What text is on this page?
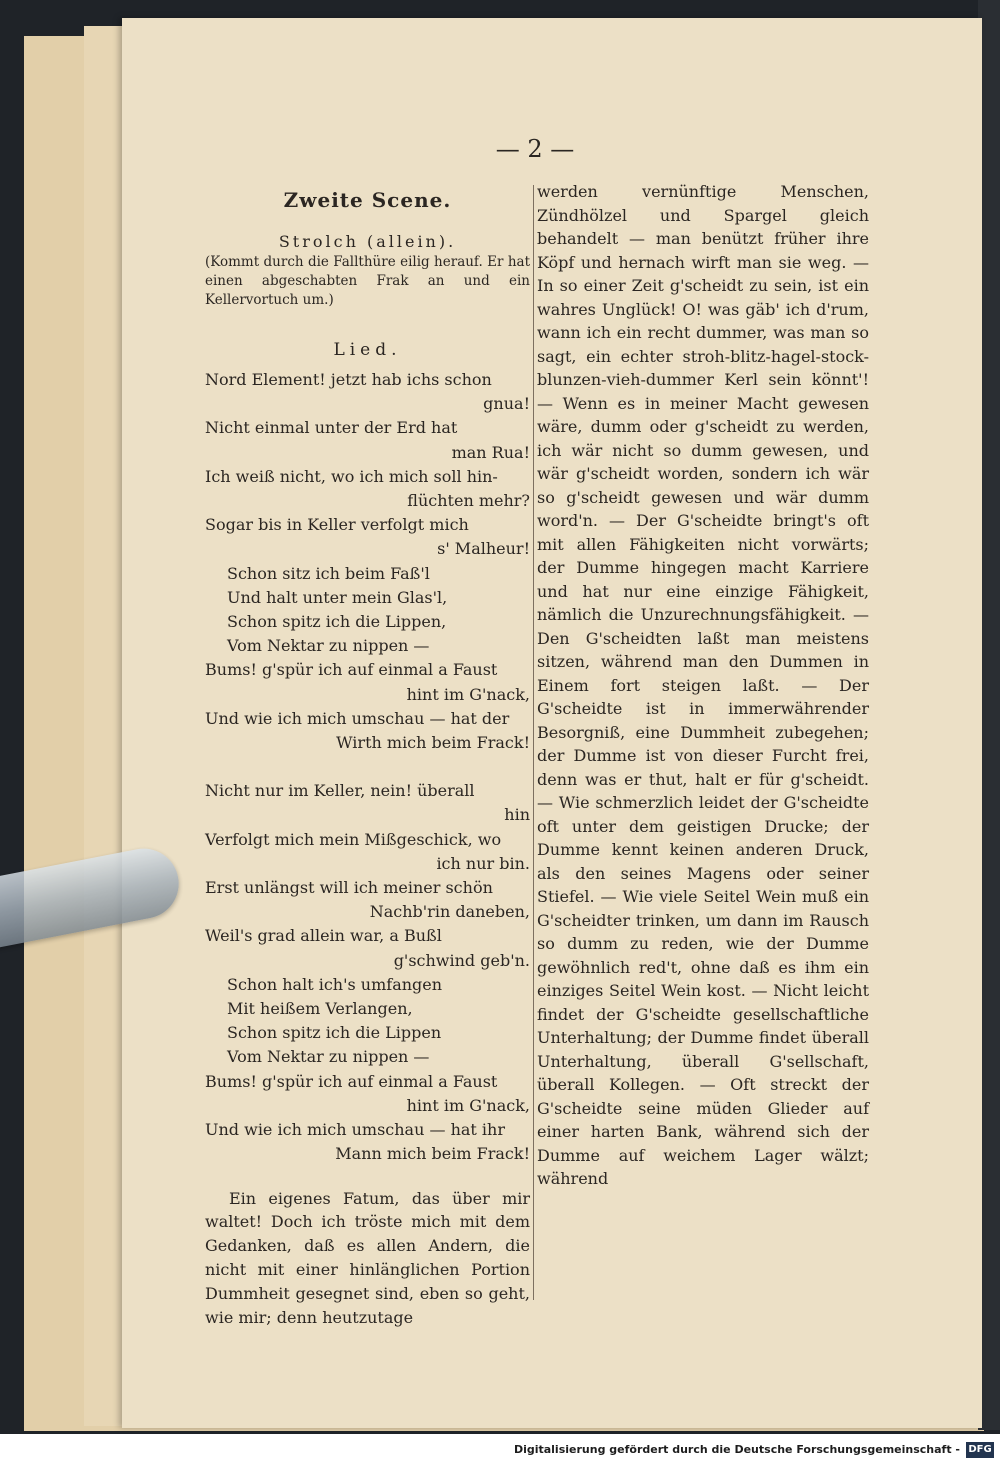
— 2 —
Zweite Scene.
Strolch (allein).
(Kommt durch die Fallthüre eilig herauf. Er hat einen abgeschabten Frak an und ein Kellervortuch um.)
Lied.
Nord Element! jetzt hab ichs schon
gnua!
Nicht einmal unter der Erd hat
man Rua!
Ich weiß nicht, wo ich mich soll hin-
flüchten mehr?
Sogar bis in Keller verfolgt mich
s' Malheur!
Schon sitz ich beim Faß'l
Und halt unter mein Glas'l,
Schon spitz ich die Lippen,
Vom Nektar zu nippen —
Bums! g'spür ich auf einmal a Faust
hint im G'nack,
Und wie ich mich umschau — hat der
Wirth mich beim Frack!
Nicht nur im Keller, nein! überall
hin
Verfolgt mich mein Mißgeschick, wo
ich nur bin.
Erst unlängst will ich meiner schön
Nachb'rin daneben,
Weil's grad allein war, a Bußl
g'schwind geb'n.
Schon halt ich's umfangen
Mit heißem Verlangen,
Schon spitz ich die Lippen
Vom Nektar zu nippen —
Bums! g'spür ich auf einmal a Faust
hint im G'nack,
Und wie ich mich umschau — hat ihr
Mann mich beim Frack!
Ein eigenes Fatum, das über mir waltet! Doch ich tröste mich mit dem Gedanken, daß es allen Andern, die nicht mit einer hinlänglichen Portion Dummheit gesegnet sind, eben so geht, wie mir; denn heutzutage
werden vernünftige Menschen, Zündhölzel und Spargel gleich behandelt — man benützt früher ihre Köpf und hernach wirft man sie weg. — In so einer Zeit g'scheidt zu sein, ist ein wahres Unglück! O! was gäb' ich d'rum, wann ich ein recht dummer, was man so sagt, ein echter stroh-blitz-hagel-stock-blunzen-vieh-dummer Kerl sein könnt'! — Wenn es in meiner Macht gewesen wäre, dumm oder g'scheidt zu werden, ich wär nicht so dumm gewesen, und wär g'scheidt worden, sondern ich wär so g'scheidt gewesen und wär dumm word'n. — Der G'scheidte bringt's oft mit allen Fähigkeiten nicht vorwärts; der Dumme hingegen macht Karriere und hat nur eine einzige Fähigkeit, nämlich die Unzurechnungsfähigkeit. — Den G'scheidten laßt man meistens sitzen, während man den Dummen in Einem fort steigen laßt. — Der G'scheidte ist in immerwährender Besorgniß, eine Dummheit zubegehen; der Dumme ist von dieser Furcht frei, denn was er thut, halt er für g'scheidt. — Wie schmerzlich leidet der G'scheidte oft unter dem geistigen Drucke; der Dumme kennt keinen anderen Druck, als den seines Magens oder seiner Stiefel. — Wie viele Seitel Wein muß ein G'scheidter trinken, um dann im Rausch so dumm zu reden, wie der Dumme gewöhnlich red't, ohne daß es ihm ein einziges Seitel Wein kost. — Nicht leicht findet der G'scheidte gesellschaftliche Unterhaltung; der Dumme findet überall Unterhaltung, überall G'sellschaft, überall Kollegen. — Oft streckt der G'scheidte seine müden Glieder auf einer harten Bank, während sich der Dumme auf weichem Lager wälzt; während
Digitalisierung gefördert durch die Deutsche Forschungsgemeinschaft - DFG
